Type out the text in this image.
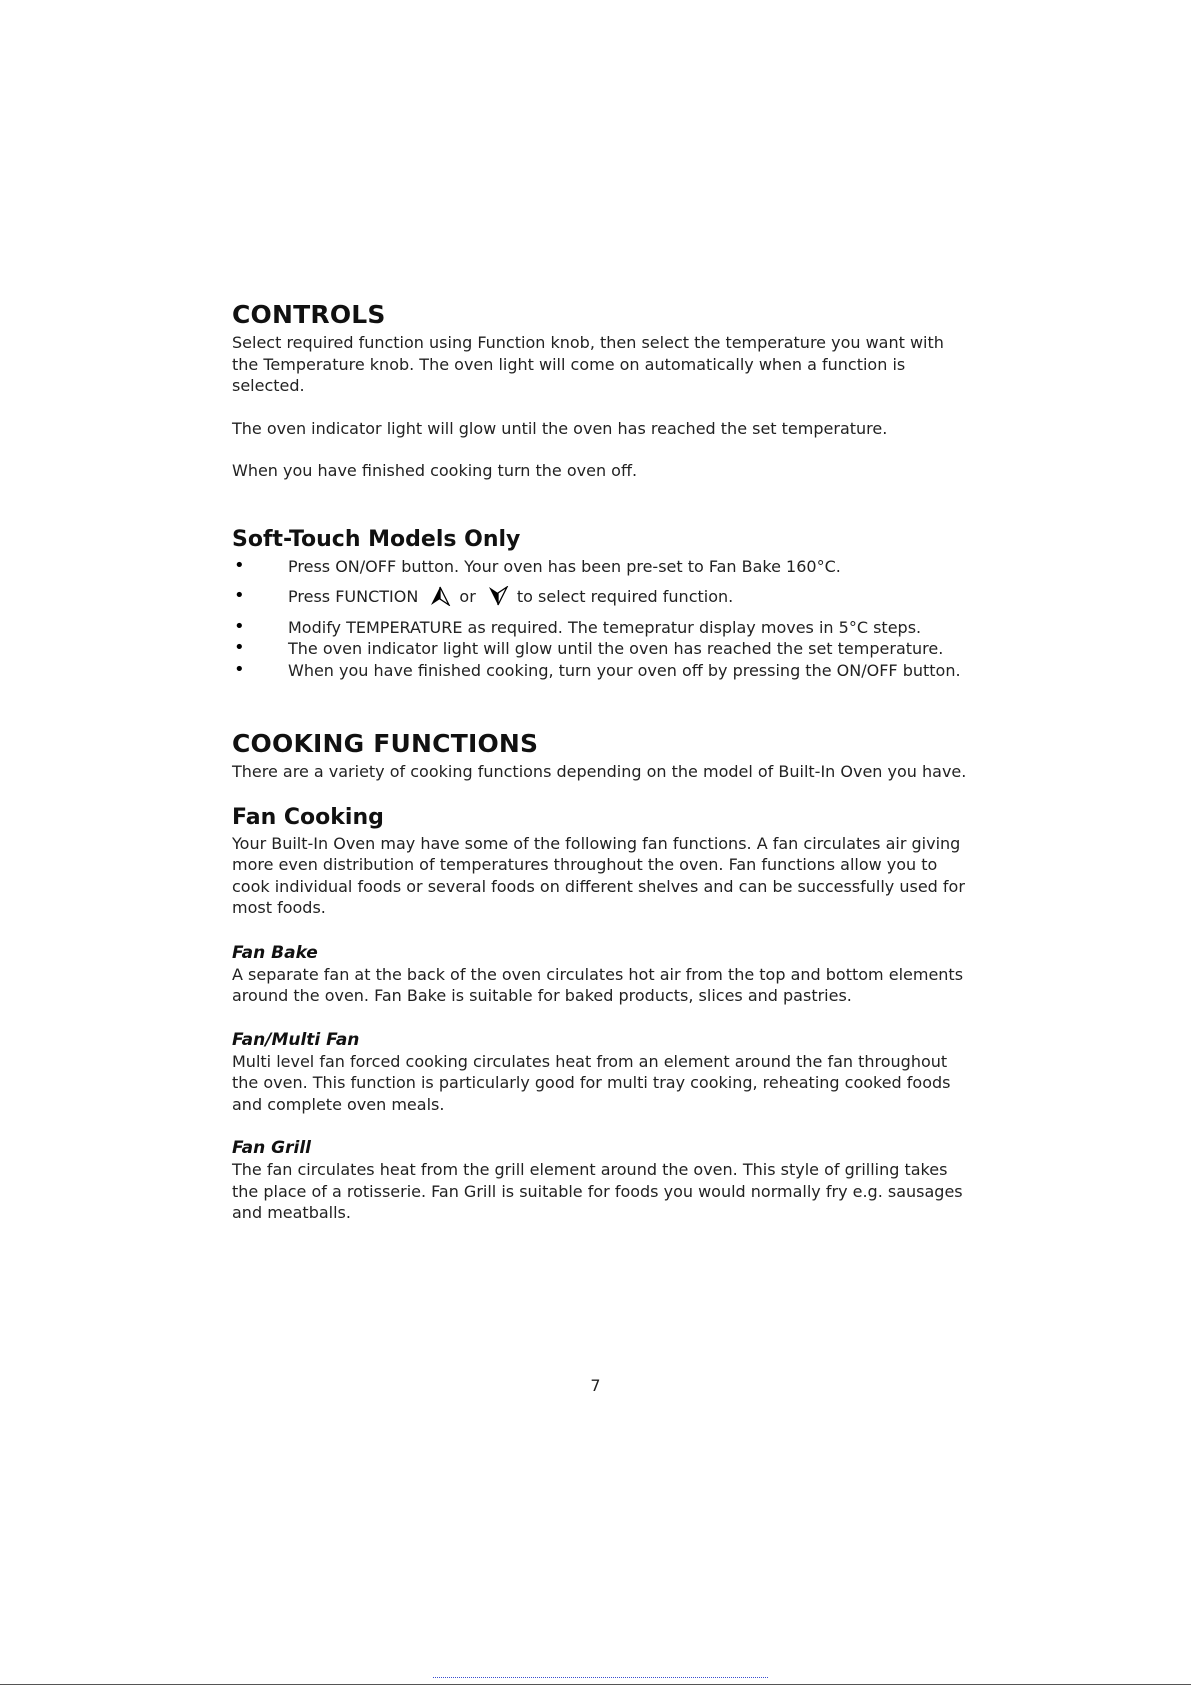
CONTROLS

Select required function using Function knob, then select the temperature you want with the Temperature knob. The oven light will come on automatically when a function is selected.

The oven indicator light will glow until the oven has reached the set temperature.

When you have finished cooking turn the oven off.

Soft-Touch Models Only
•	Press ON/OFF button. Your oven has been pre-set to Fan Bake 160°C.
•	Press FUNCTION	or	to select required function.
•	Modify TEMPERATURE as required. The temepratur display moves in 5°C steps.
•	The oven indicator light will glow until the oven has reached the set temperature.
•	When you have finished cooking, turn your oven off by pressing the ON/OFF button.
COOKING FUNCTIONS

There are a variety of cooking functions depending on the model of Built-In Oven you have.

Fan Cooking

Your Built-In Oven may have some of the following fan functions. A fan circulates air giving more even distribution of temperatures throughout the oven. Fan functions allow you to cook individual foods or several foods on different shelves and can be successfully used for most foods.

Fan Bake

A separate fan at the back of the oven circulates hot air from the top and bottom elements around the oven. Fan Bake is suitable for baked products, slices and pastries.

Fan/Multi Fan

Multi level fan forced cooking circulates heat from an element around the fan throughout the oven. This function is particularly good for multi tray cooking, reheating cooked foods and complete oven meals.

Fan Grill

The fan circulates heat from the grill element around the oven. This style of grilling takes the place of a rotisserie. Fan Grill is suitable for foods you would normally fry e.g. sausages and meatballs.

7
